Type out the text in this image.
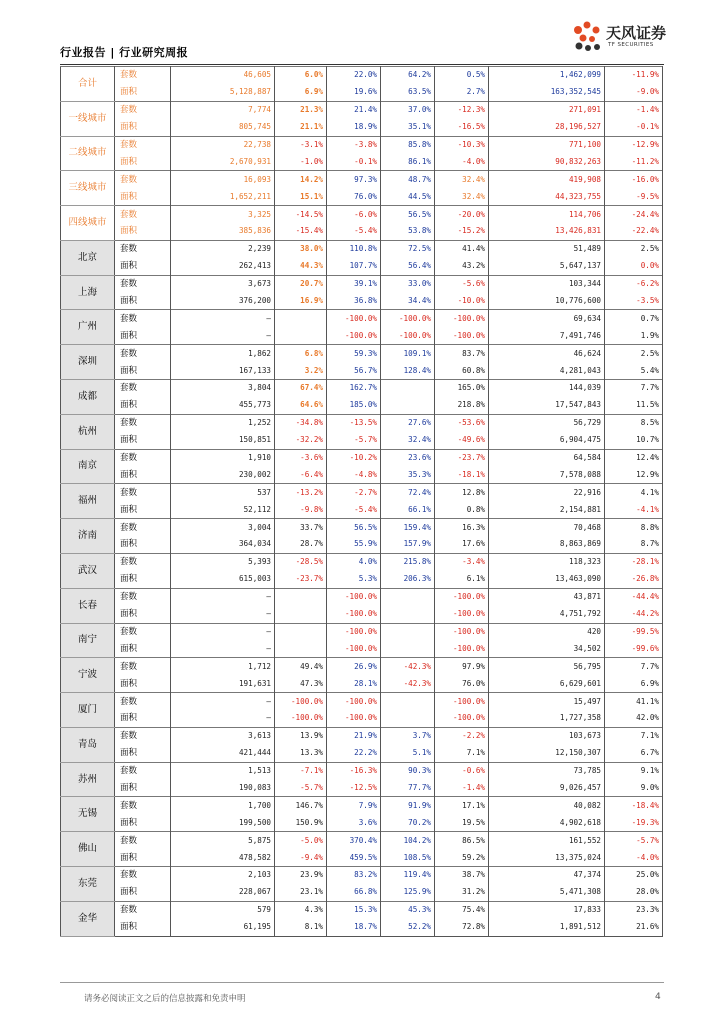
行业报告 | 行业研究周报
天风证券
TF SECURITIES
合计	套数	46,605	6.0%	22.0%	64.2%	0.5%	1,462,099	-11.9%
	面积	5,128,887	6.9%	19.6%	63.5%	2.7%	163,352,545	-9.0%
一线城市	套数	7,774	21.3%	21.4%	37.0%	-12.3%	271,091	-1.4%
	面积	805,745	21.1%	18.9%	35.1%	-16.5%	28,196,527	-0.1%
二线城市	套数	22,738	-3.1%	-3.8%	85.8%	-10.3%	771,100	-12.9%
	面积	2,670,931	-1.0%	-0.1%	86.1%	-4.0%	90,832,263	-11.2%
三线城市	套数	16,093	14.2%	97.3%	48.7%	32.4%	419,908	-16.0%
	面积	1,652,211	15.1%	76.0%	44.5%	32.4%	44,323,755	-9.5%
四线城市	套数	3,325	-14.5%	-6.0%	56.5%	-20.0%	114,706	-24.4%
	面积	385,836	-15.4%	-5.4%	53.8%	-15.2%	13,426,831	-22.4%
北京	套数	2,239	38.0%	110.8%	72.5%	41.4%	51,489	2.5%
	面积	262,413	44.3%	107.7%	56.4%	43.2%	5,647,137	0.0%
上海	套数	3,673	20.7%	39.1%	33.0%	-5.6%	103,344	-6.2%
	面积	376,200	16.9%	36.8%	34.4%	-10.0%	10,776,600	-3.5%
广州	套数	–		-100.0%	-100.0%	-100.0%	69,634	0.7%
	面积	–		-100.0%	-100.0%	-100.0%	7,491,746	1.9%
深圳	套数	1,862	6.8%	59.3%	109.1%	83.7%	46,624	2.5%
	面积	167,133	3.2%	56.7%	128.4%	60.8%	4,281,043	5.4%
成都	套数	3,804	67.4%	162.7%		165.0%	144,039	7.7%
	面积	455,773	64.6%	185.0%		218.8%	17,547,843	11.5%
杭州	套数	1,252	-34.8%	-13.5%	27.6%	-53.6%	56,729	8.5%
	面积	150,851	-32.2%	-5.7%	32.4%	-49.6%	6,904,475	10.7%
南京	套数	1,910	-3.6%	-10.2%	23.6%	-23.7%	64,584	12.4%
	面积	230,002	-6.4%	-4.8%	35.3%	-18.1%	7,578,088	12.9%
福州	套数	537	-13.2%	-2.7%	72.4%	12.8%	22,916	4.1%
	面积	52,112	-9.8%	-5.4%	66.1%	0.8%	2,154,881	-4.1%
济南	套数	3,004	33.7%	56.5%	159.4%	16.3%	70,468	8.8%
	面积	364,034	28.7%	55.9%	157.9%	17.6%	8,863,869	8.7%
武汉	套数	5,393	-28.5%	4.0%	215.8%	-3.4%	118,323	-28.1%
	面积	615,003	-23.7%	5.3%	206.3%	6.1%	13,463,090	-26.8%
长春	套数	–		-100.0%		-100.0%	43,871	-44.4%
	面积	–		-100.0%		-100.0%	4,751,792	-44.2%
南宁	套数	–		-100.0%		-100.0%	420	-99.5%
	面积	–		-100.0%		-100.0%	34,502	-99.6%
宁波	套数	1,712	49.4%	26.9%	-42.3%	97.9%	56,795	7.7%
	面积	191,631	47.3%	28.1%	-42.3%	76.0%	6,629,601	6.9%
厦门	套数	–	-100.0%	-100.0%		-100.0%	15,497	41.1%
	面积	–	-100.0%	-100.0%		-100.0%	1,727,358	42.0%
青岛	套数	3,613	13.9%	21.9%	3.7%	-2.2%	103,673	7.1%
	面积	421,444	13.3%	22.2%	5.1%	7.1%	12,150,307	6.7%
苏州	套数	1,513	-7.1%	-16.3%	90.3%	-0.6%	73,785	9.1%
	面积	190,083	-5.7%	-12.5%	77.7%	-1.4%	9,026,457	9.0%
无锡	套数	1,700	146.7%	7.9%	91.9%	17.1%	40,082	-18.4%
	面积	199,500	150.9%	3.6%	70.2%	19.5%	4,902,618	-19.3%
佛山	套数	5,875	-5.0%	370.4%	104.2%	86.5%	161,552	-5.7%
	面积	478,582	-9.4%	459.5%	108.5%	59.2%	13,375,024	-4.0%
东莞	套数	2,103	23.9%	83.2%	119.4%	38.7%	47,374	25.0%
	面积	228,067	23.1%	66.8%	125.9%	31.2%	5,471,308	28.0%
金华	套数	579	4.3%	15.3%	45.3%	75.4%	17,833	23.3%
	面积	61,195	8.1%	18.7%	52.2%	72.8%	1,891,512	21.6%
请务必阅读正文之后的信息披露和免责申明	4
